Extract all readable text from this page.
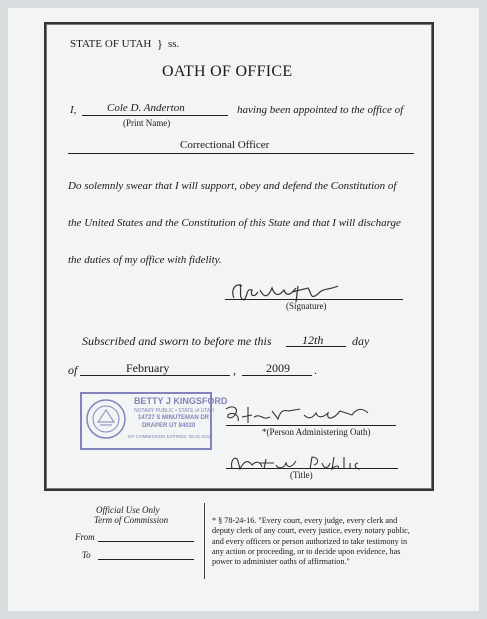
STATE OF UTAH } ss.
OATH OF OFFICE
I,	Cole D. Anderton
(Print Name)
having been appointed to the office of
Correctional Officer
Do solemnly swear that I will support, obey and defend the Constitution of
the United States and the Constitution of this State and that I will discharge
the duties of my office with fidelity.
(Signature)
Subscribed and sworn to before me this	12th day
of	February	,	2009 .
BETTY J KINGSFORD
NOTARY PUBLIC • STATE of UTAH
14727 S MINUTEMAN DR
DRAPER UT 84020
MY COMMISSION EXPIRES: 08-01-2010	*(Person Administering Oath)
(Title)
Official Use Only
Term of Commission
From
To
* § 78-24-16. "Every court, every judge, every clerk and
deputy clerk of any court, every justice, every notary public,
and every officers or person authorized to take testimony in
any action or proceeding, or to decide upon evidence, has
power to administer oaths of affirmation."
